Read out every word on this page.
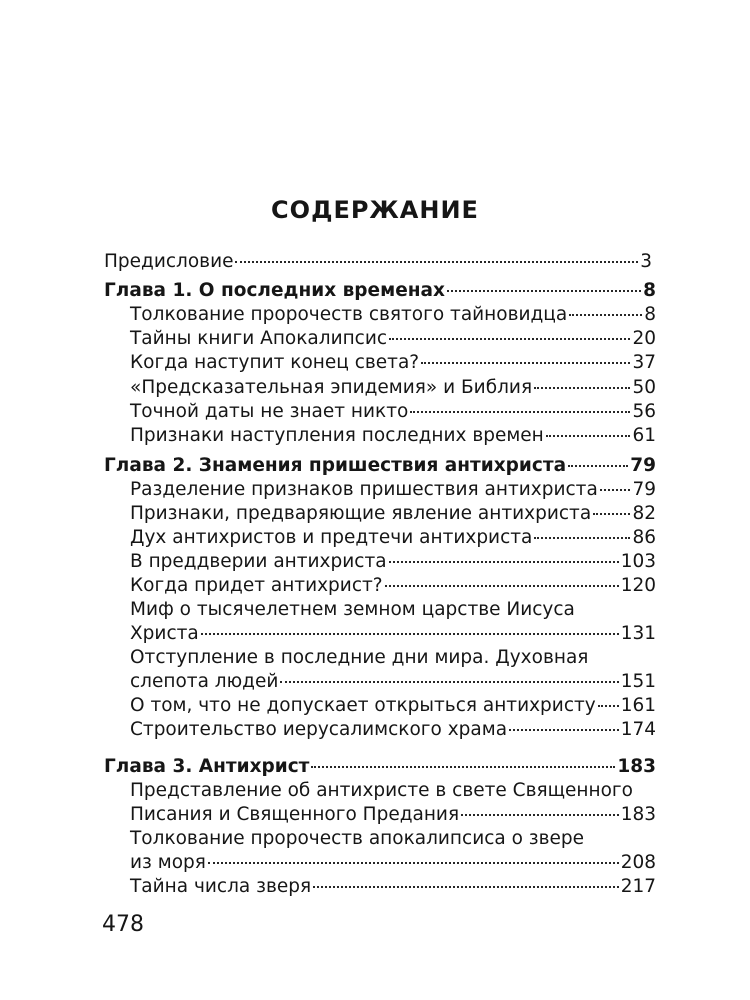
СОДЕРЖАНИЕ
Предисловие	3
Глава 1. О последних временах	8
Толкование пророчеств святого тайновидца	8
Тайны книги Апокалипсис	20
Когда наступит конец света?	37
«Предсказательная эпидемия» и Библия	50
Точной даты не знает никто	56
Признаки наступления последних времен	61
Глава 2. Знамения пришествия антихриста	79
Разделение признаков пришествия антихриста 79
Признаки, предваряющие явление антихриста 82
Дух антихристов и предтечи антихриста	86
В преддверии антихриста	103
Когда придет антихрист?	120
Миф о тысячелетнем земном царстве Иисуса
Христа	131
Отступление в последние дни мира. Духовная
слепота людей	151
О том, что не допускает открыться антихристу 161
Строительство иерусалимского храма	174
Глава 3. Антихрист	183
Представление об антихристе в свете Священного
Писания и Священного Предания	183
Толкование пророчеств апокалипсиса о звере
из моря	208
Тайна числа зверя	217
478
